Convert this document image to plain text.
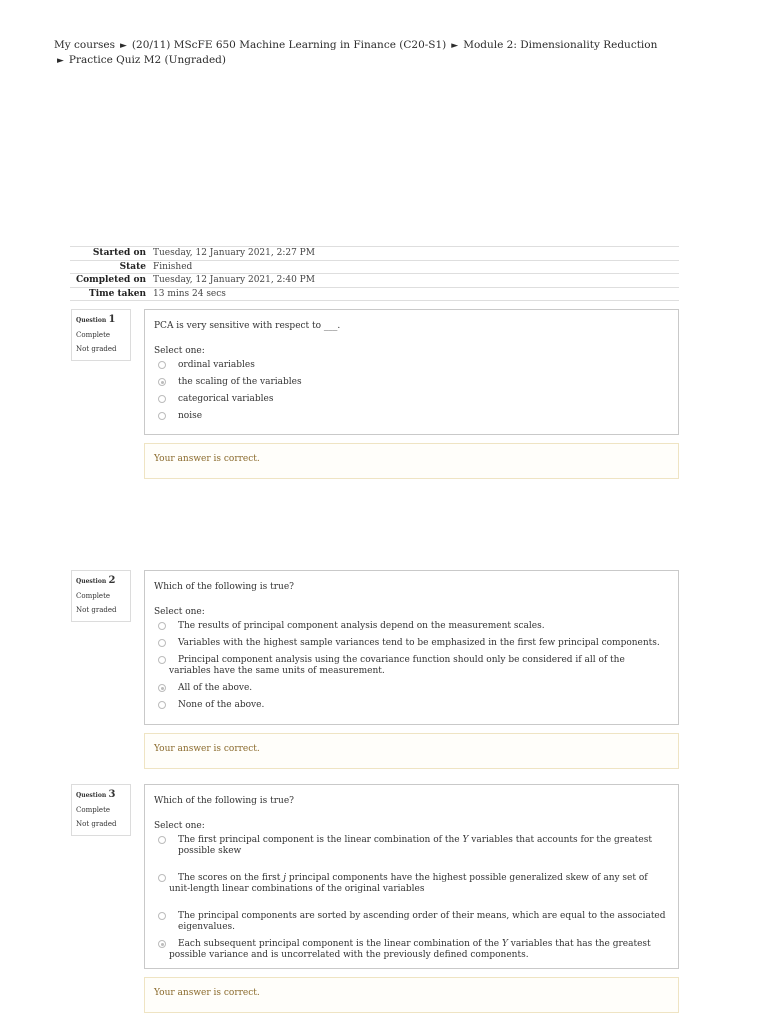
My courses ► (20/11) MScFE 650 Machine Learning in Finance (C20-S1) ► Module 2: Dimensionality Reduction
► Practice Quiz M2 (Ungraded)
Started on Tuesday, 12 January 2021, 2:27 PM
State Finished
Completed on Tuesday, 12 January 2021, 2:40 PM
Time taken 13 mins 24 secs
Question 1
Complete
Not graded
PCA is very sensitive with respect to ___.
Select one:
ordinal variables
the scaling of the variables
categorical variables
noise
Your answer is correct.
Question 2
Complete
Not graded
Which of the following is true?
Select one:
The results of principal component analysis depend on the measurement scales.
Variables with the highest sample variances tend to be emphasized in the first few principal components.
Principal component analysis using the covariance function should only be considered if all of the variables have the same units of measurement.
All of the above.
None of the above.
Your answer is correct.
Question 3
Complete
Not graded
Which of the following is true?
Select one:
The first principal component is the linear combination of the Y variables that accounts for the greatest possible skew
The scores on the first j principal components have the highest possible generalized skew of any set of unit-length linear combinations of the original variables
The principal components are sorted by ascending order of their means, which are equal to the associated eigenvalues.
Each subsequent principal component is the linear combination of the Y variables that has the greatest possible variance and is uncorrelated with the previously defined components.
Your answer is correct.
